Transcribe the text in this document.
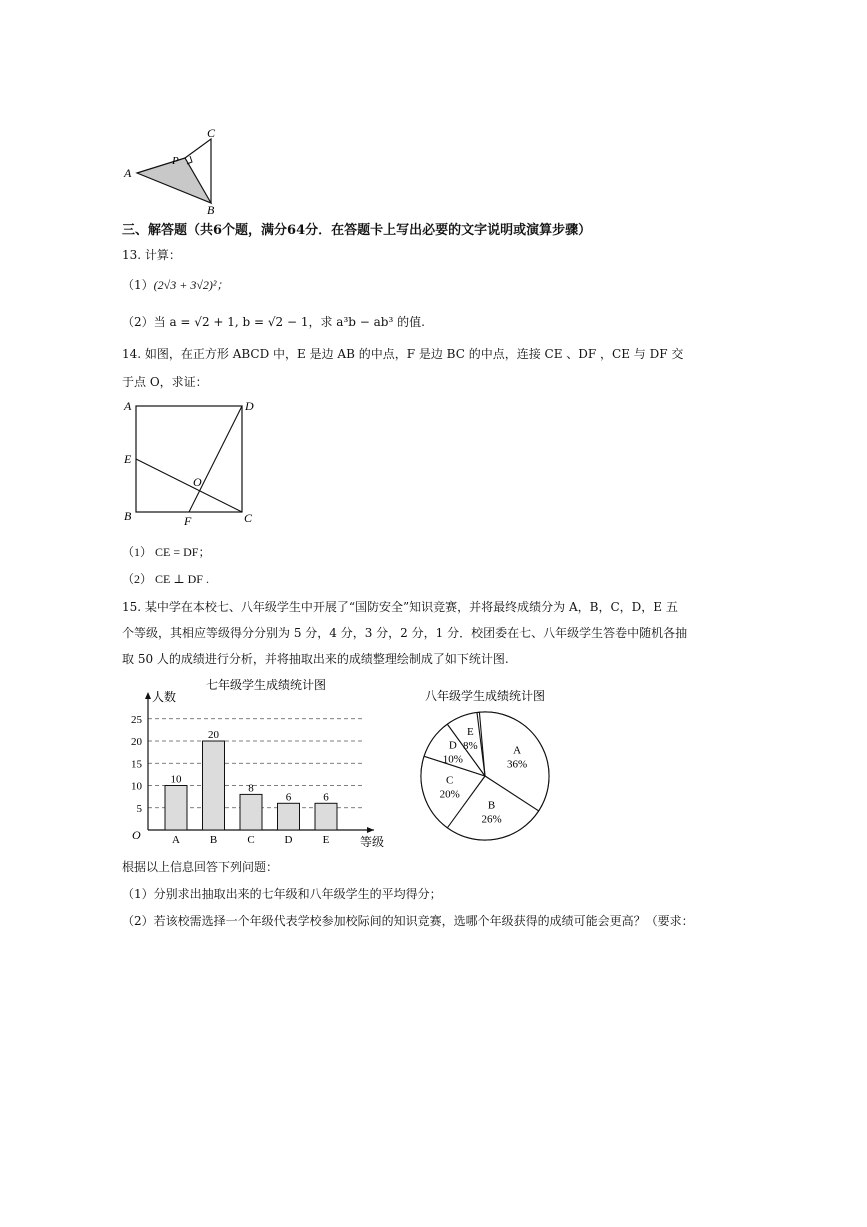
A
B
C
P
三、解答题（共6个题，满分64分．在答题卡上写出必要的文字说明或演算步骤）
13. 计算：
（1）(2√3 + 3√2)²；
（2）当 a = √2 + 1, b = √2 − 1，求 a³b − ab³ 的值.
14. 如图，在正方形 ABCD 中，E 是边 AB 的中点，F 是边 BC 的中点，连接 CE 、DF ，CE 与 DF 交
于点 O，求证：
A	D
E
O
B	F	C
（1） CE = DF；
（2） CE ⊥ DF .
15. 某中学在本校七、八年级学生中开展了“国防安全”知识竞赛，并将最终成绩分为 A，B，C，D，E 五
个等级，其相应等级得分分别为 5 分，4 分，3 分，2 分，1 分．校团委在七、八年级学生答卷中随机各抽
取 50 人的成绩进行分析，并将抽取出来的成绩整理绘制成了如下统计图.
七年级学生成绩统计图
人数
等级
O
5
10
15
20
25
10
A
20
B
8
C
6
D
6
E
八年级学生成绩统计图
A
36%
B
26%
C
20%
D
10%
E
8%
根据以上信息回答下列问题：
（1）分别求出抽取出来的七年级和八年级学生的平均得分；
（2）若该校需选择一个年级代表学校参加校际间的知识竞赛，选哪个年级获得的成绩可能会更高？（要求：
